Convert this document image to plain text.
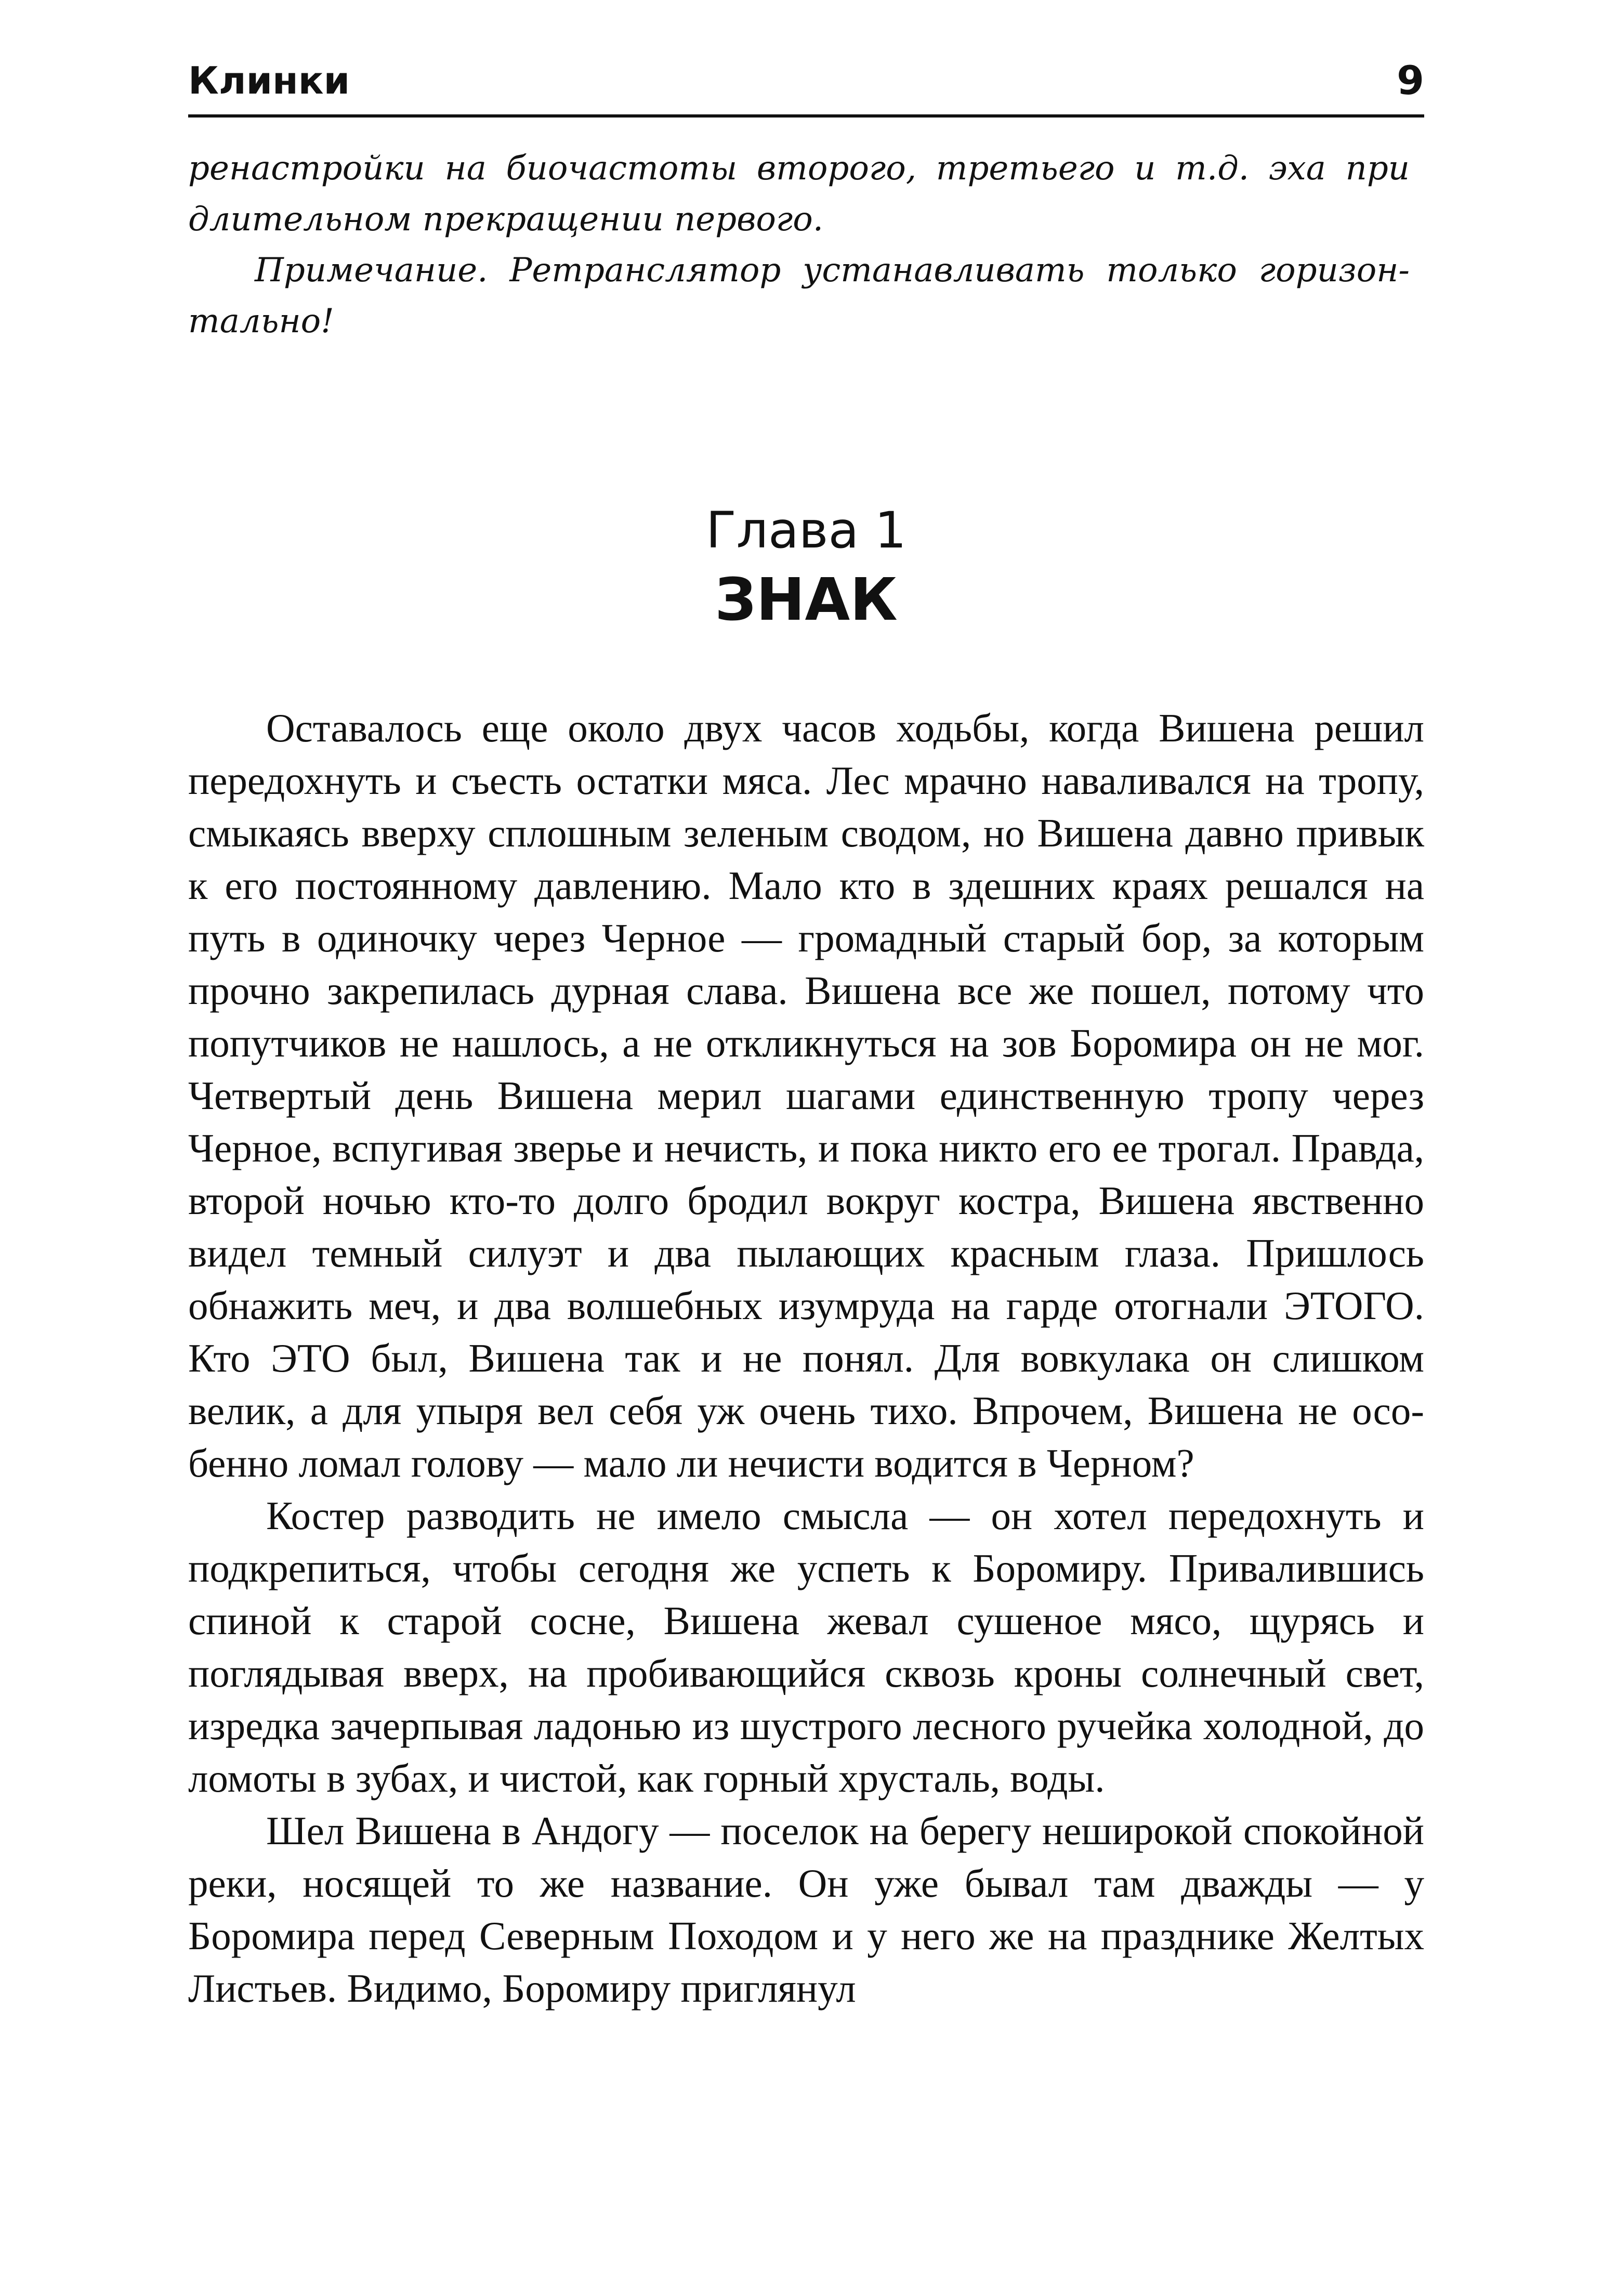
Клинки	9

ренастройки на биочастоты второго, третьего и т.д. эха при длительном прекращении первого.

Примечание. Ретранслятор устанавливать только горизонтально!

Глава 1
ЗНАК

Оставалось еще около двух часов ходьбы, когда Вишена решил передохнуть и съесть остатки мяса. Лес мрачно наваливался на тропу, смыкаясь вверху сплошным зеленым сводом, но Вишена давно привык к его постоянному давлению. Мало кто в здешних краях решался на путь в одиночку через Черное — громадный старый бор, за которым прочно закрепилась дурная слава. Вишена все же пошел, потому что попутчиков не нашлось, а не откликнуться на зов Боромира он не мог. Четвертый день Вишена мерил шагами единственную тропу через Черное, вспугивая зверье и нечисть, и пока никто его ее трогал. Правда, второй ночью кто-то долго бродил вокруг костра, Вишена явственно видел темный силуэт и два пылающих красным глаза. Пришлось обнажить меч, и два волшебных изумруда на гарде отогнали ЭТОГО. Кто ЭТО был, Вишена так и не понял. Для вовкулака он слишком велик, а для упыря вел себя уж очень тихо. Впрочем, Вишена не особенно ломал голову — мало ли нечисти водится в Черном?

Костер разводить не имело смысла — он хотел передохнуть и подкрепиться, чтобы сегодня же успеть к Боромиру. Привалившись спиной к старой сосне, Вишена жевал сушеное мясо, щурясь и поглядывая вверх, на пробивающийся сквозь кроны солнечный свет, изредка зачерпывая ладонью из шустрого лесного ручейка холодной, до ломоты в зубах, и чистой, как горный хрусталь, воды.

Шел Вишена в Андогу — поселок на берегу неширокой спокойной реки, носящей то же название. Он уже бывал там дважды — у Боромира перед Северным Походом и у него же на празднике Желтых Листьев. Видимо, Боромиру приглянул
